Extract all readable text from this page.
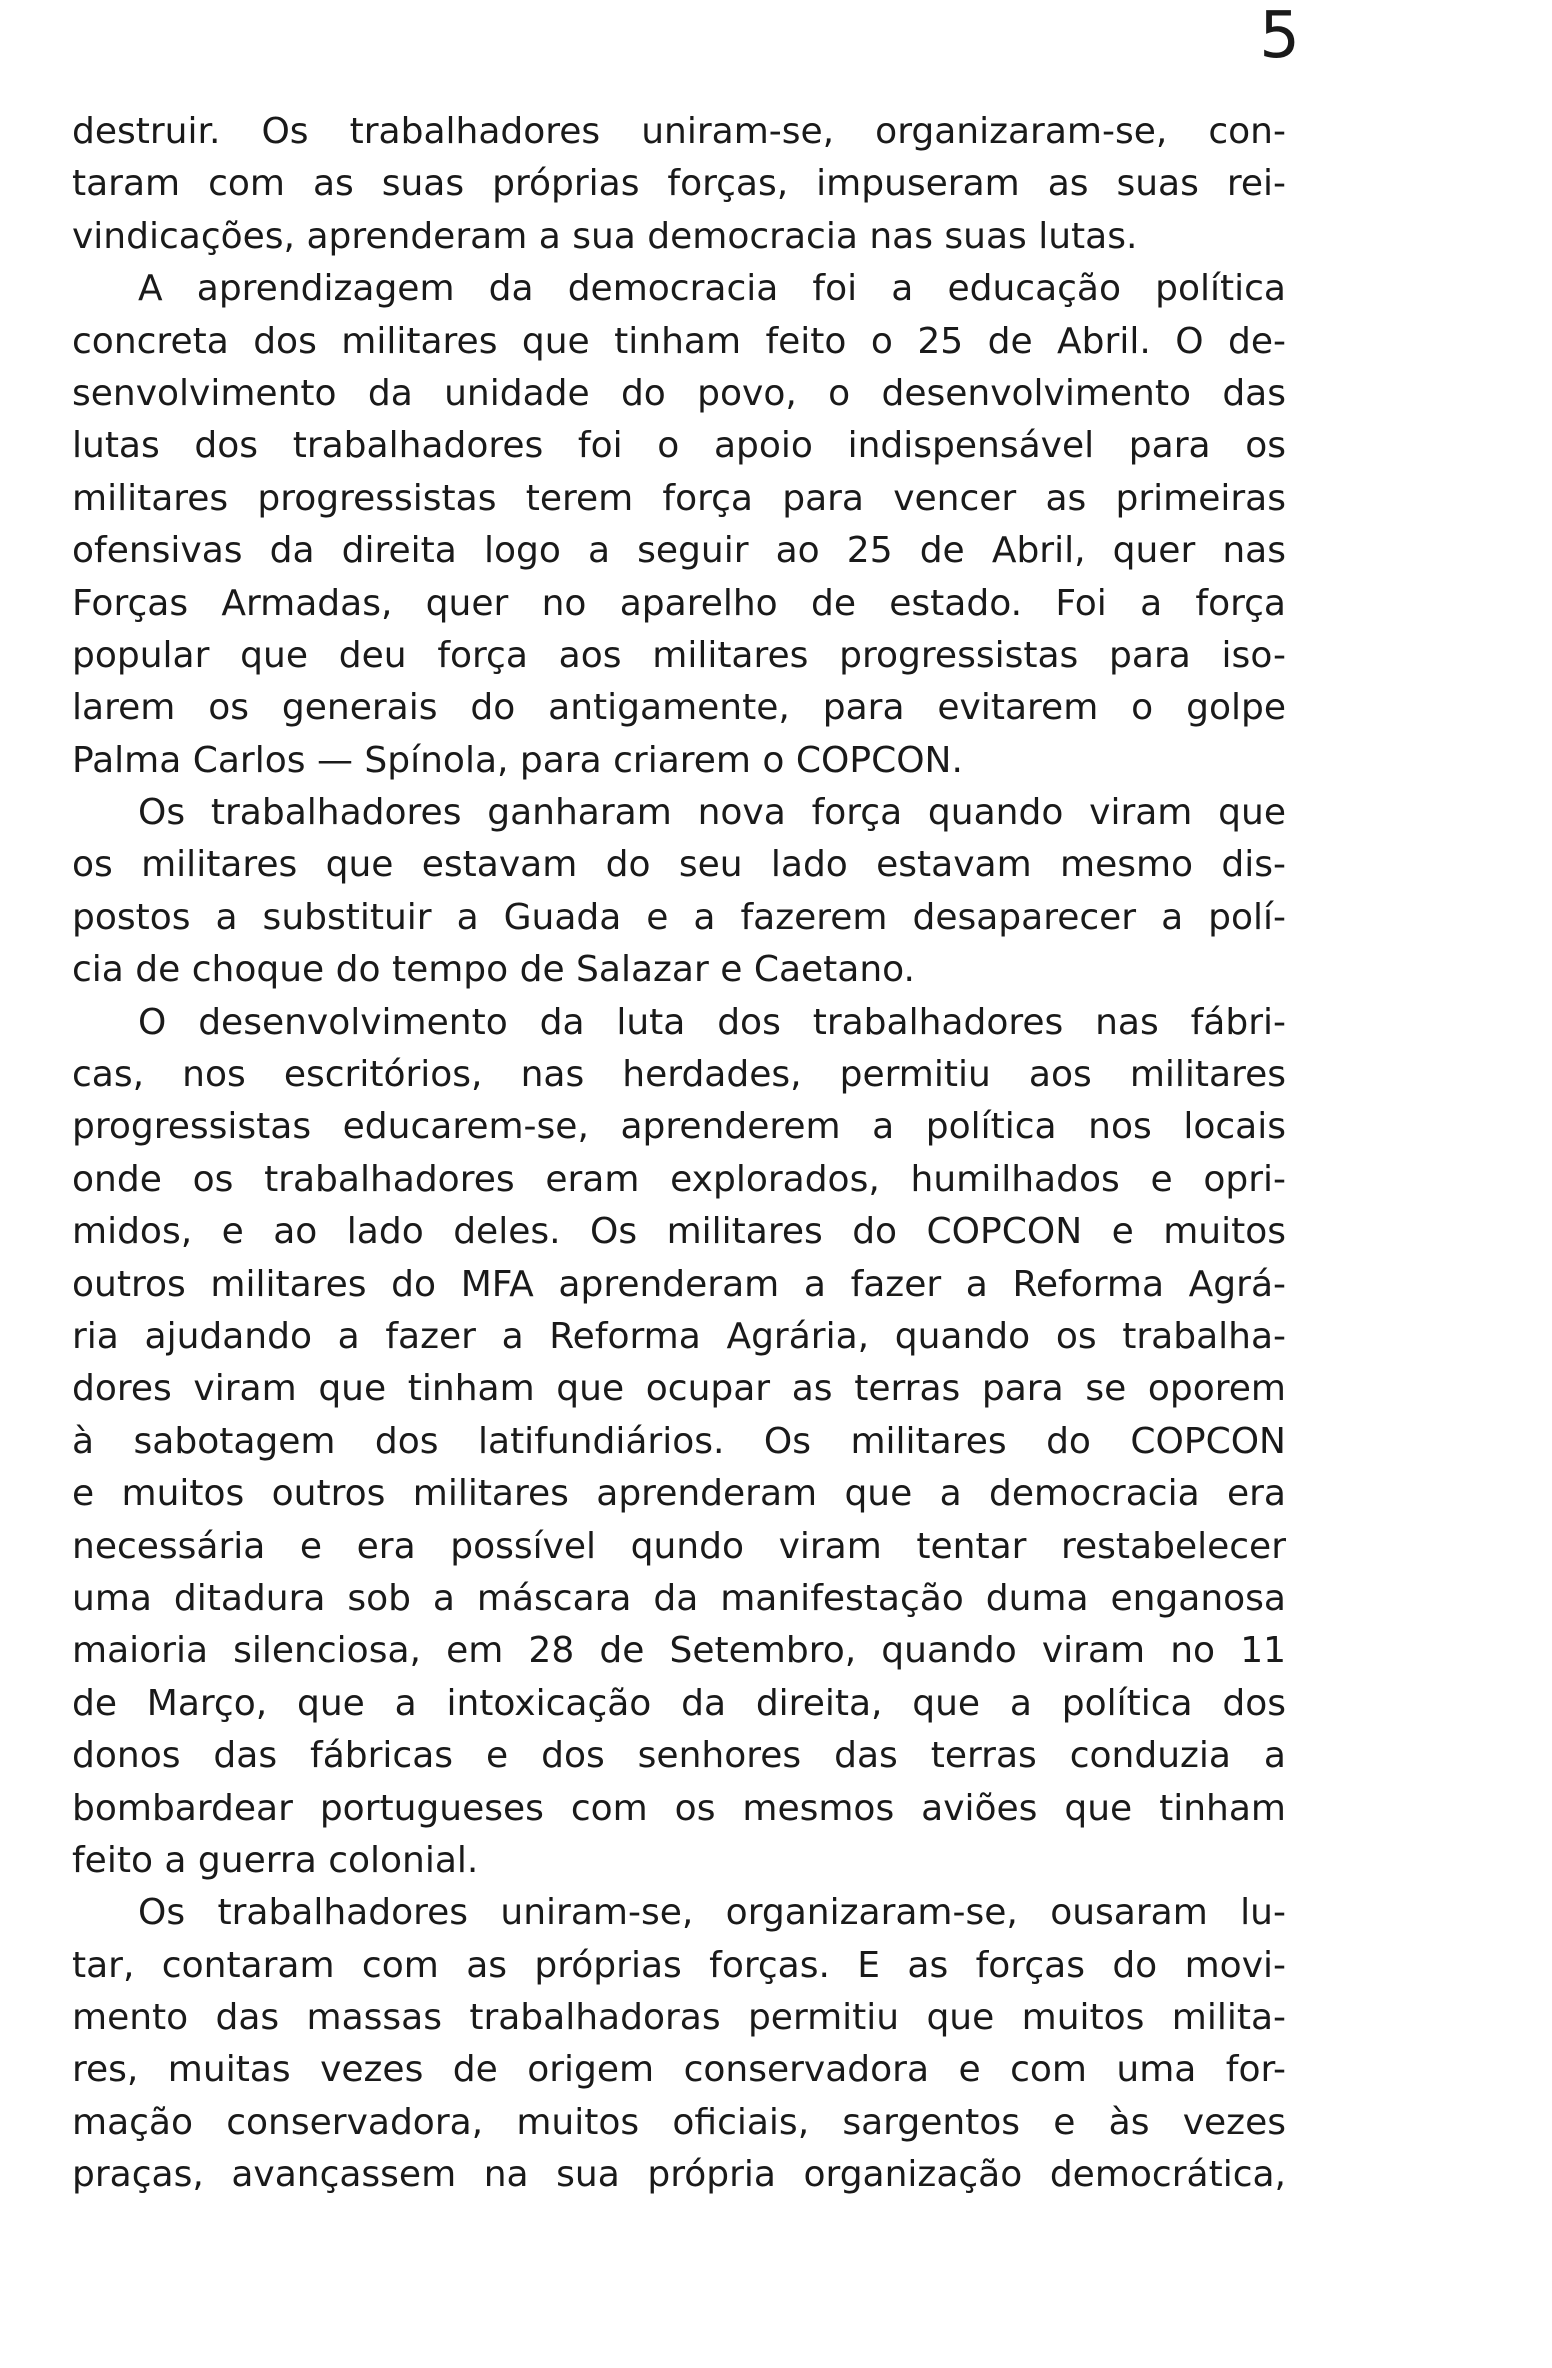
5
destruir. Os trabalhadores uniram-se, organizaram-se, con-
taram com as suas próprias forças, impuseram as suas rei-
vindicações, aprenderam a sua democracia nas suas lutas.
A aprendizagem da democracia foi a educação política
concreta dos militares que tinham feito o 25 de Abril. O de-
senvolvimento da unidade do povo, o desenvolvimento das
lutas dos trabalhadores foi o apoio indispensável para os
militares progressistas terem força para vencer as primeiras
ofensivas da direita logo a seguir ao 25 de Abril, quer nas
Forças Armadas, quer no aparelho de estado. Foi a força
popular que deu força aos militares progressistas para iso-
larem os generais do antigamente, para evitarem o golpe
Palma Carlos — Spínola, para criarem o COPCON.
Os trabalhadores ganharam nova força quando viram que
os militares que estavam do seu lado estavam mesmo dis-
postos a substituir a Guada e a fazerem desaparecer a polí-
cia de choque do tempo de Salazar e Caetano.
O desenvolvimento da luta dos trabalhadores nas fábri-
cas, nos escritórios, nas herdades, permitiu aos militares
progressistas educarem-se, aprenderem a política nos locais
onde os trabalhadores eram explorados, humilhados e opri-
midos, e ao lado deles. Os militares do COPCON e muitos
outros militares do MFA aprenderam a fazer a Reforma Agrá-
ria ajudando a fazer a Reforma Agrária, quando os trabalha-
dores viram que tinham que ocupar as terras para se oporem
à sabotagem dos latifundiários. Os militares do COPCON
e muitos outros militares aprenderam que a democracia era
necessária e era possível qundo viram tentar restabelecer
uma ditadura sob a máscara da manifestação duma enganosa
maioria silenciosa, em 28 de Setembro, quando viram no 11
de Março, que a intoxicação da direita, que a política dos
donos das fábricas e dos senhores das terras conduzia a
bombardear portugueses com os mesmos aviões que tinham
feito a guerra colonial.
Os trabalhadores uniram-se, organizaram-se, ousaram lu-
tar, contaram com as próprias forças. E as forças do movi-
mento das massas trabalhadoras permitiu que muitos milita-
res, muitas vezes de origem conservadora e com uma for-
mação conservadora, muitos oficiais, sargentos e às vezes
praças, avançassem na sua própria organização democrática,
